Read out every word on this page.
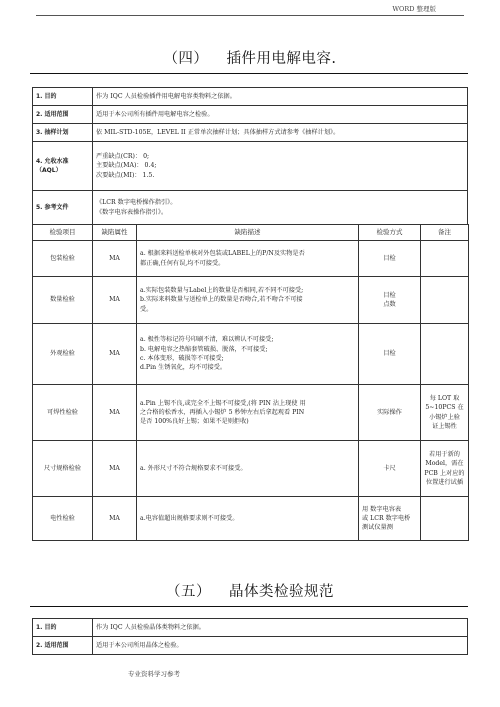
WORD 整理版
（四） 插件用电解电容.
1. 目的	作为 IQC 人员检验插件用电解电容类物料之依据。
2. 适用范围	适用于本公司所有插件用电解电容之检验。
3. 抽样计划	依 MIL-STD-105E，LEVEL II 正常单次抽样计划；具体抽样方式请参考《抽样计划》。

4. 允收水准
（AQL）	严重缺点(CR)： 0;
主要缺点(MA)： 0.4;
次要缺点(MI)： 1.5.

5. 参考文件	《LCR 数字电桥操作指引》。
《数字电容表操作指引》。
检验项目	缺陷属性	缺陷描述	检验方式	备注
包装检验	MA	a. 根据来料送检单核对外包装或LABEL上的P/N及实物是否
都正确,任何有误,均不可接受。	目检	
数量检验	MA	a.实际包装数量与Label上的数量是否相同,若不同不可接受;
b.实际来料数量与送检单上的数量是否吻合,若不吻合不可接
受。	目检
点数	

外观检验	MA	a. 极性等标记符号印刷不清，难以辨认不可接受;
b. 电解电容之热缩套管破损、脱落，不可接受;
c. 本体变形，破损等不可接受;
d.Pin 生锈氧化，均不可接受。	目检	
可焊性检验	MA	a.Pin 上锡不良,或完全不上锡不可接受,(将 PIN 沾上现使 用
之合格的松香水，再插入小锡炉 5 秒钟左右后拿起观看 PIN
是否 100%良好上锡；如果不是则拒收)	实际操作	每 LOT 取
5~10PCS 在
小锡炉上验
证上锡性

尺寸规格检验	MA	a. 外形尺寸不符合规格要求不可接受。	卡尺	若用于新的
Model，需在
PCB 上对应的
位置进行试插

电性检验	MA	a.电容值超出规格要求则不可接受。	用 数字电容表
或 LCR 数字电桥
测试仪量测	

（五） 晶体类检验规范
1. 目的	作为 IQC 人员检验晶体类物料之依据。
2. 适用范围	适用于本公司所用晶体之检验。
专业资料学习参考
